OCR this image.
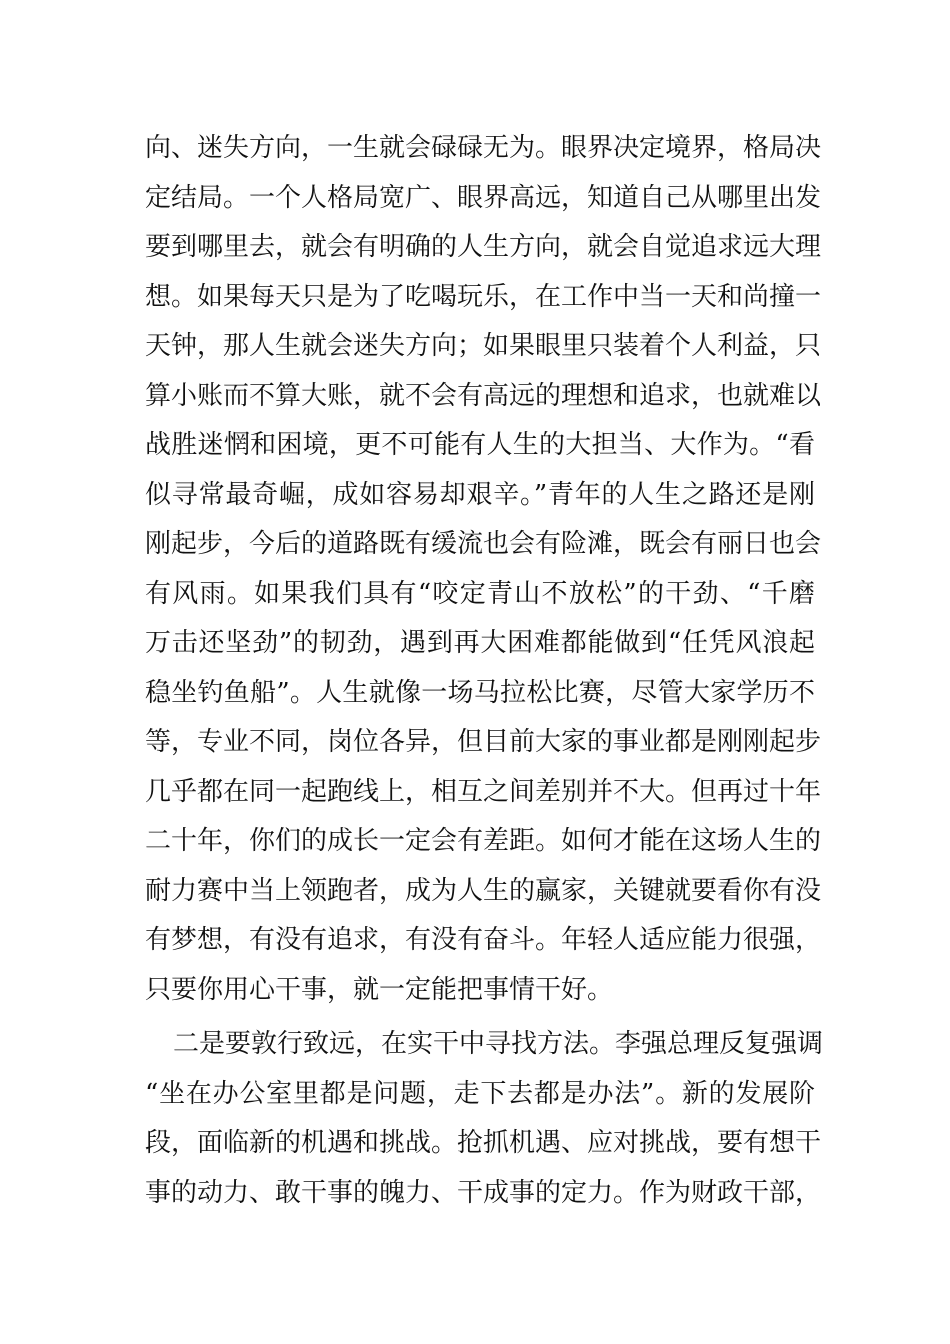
向、迷失方向，一生就会碌碌无为。眼界决定境界，格局决
定结局。一个人格局宽广、眼界高远，知道自己从哪里出发
要到哪里去，就会有明确的人生方向，就会自觉追求远大理
想。如果每天只是为了吃喝玩乐，在工作中当一天和尚撞一
天钟，那人生就会迷失方向；如果眼里只装着个人利益，只
算小账而不算大账，就不会有高远的理想和追求，也就难以
战胜迷惘和困境，更不可能有人生的大担当、大作为。“看
似寻常最奇崛，成如容易却艰辛。”青年的人生之路还是刚
刚起步，今后的道路既有缓流也会有险滩，既会有丽日也会
有风雨。如果我们具有“咬定青山不放松”的干劲、“千磨
万击还坚劲”的韧劲，遇到再大困难都能做到“任凭风浪起
稳坐钓鱼船”。人生就像一场马拉松比赛，尽管大家学历不
等，专业不同，岗位各异，但目前大家的事业都是刚刚起步
几乎都在同一起跑线上，相互之间差别并不大。但再过十年
二十年，你们的成长一定会有差距。如何才能在这场人生的
耐力赛中当上领跑者，成为人生的赢家，关键就要看你有没
有梦想，有没有追求，有没有奋斗。年轻人适应能力很强，
只要你用心干事，就一定能把事情干好。
二是要敦行致远，在实干中寻找方法。李强总理反复强调
“坐在办公室里都是问题，走下去都是办法”。新的发展阶
段，面临新的机遇和挑战。抢抓机遇、应对挑战，要有想干
事的动力、敢干事的魄力、干成事的定力。作为财政干部，
